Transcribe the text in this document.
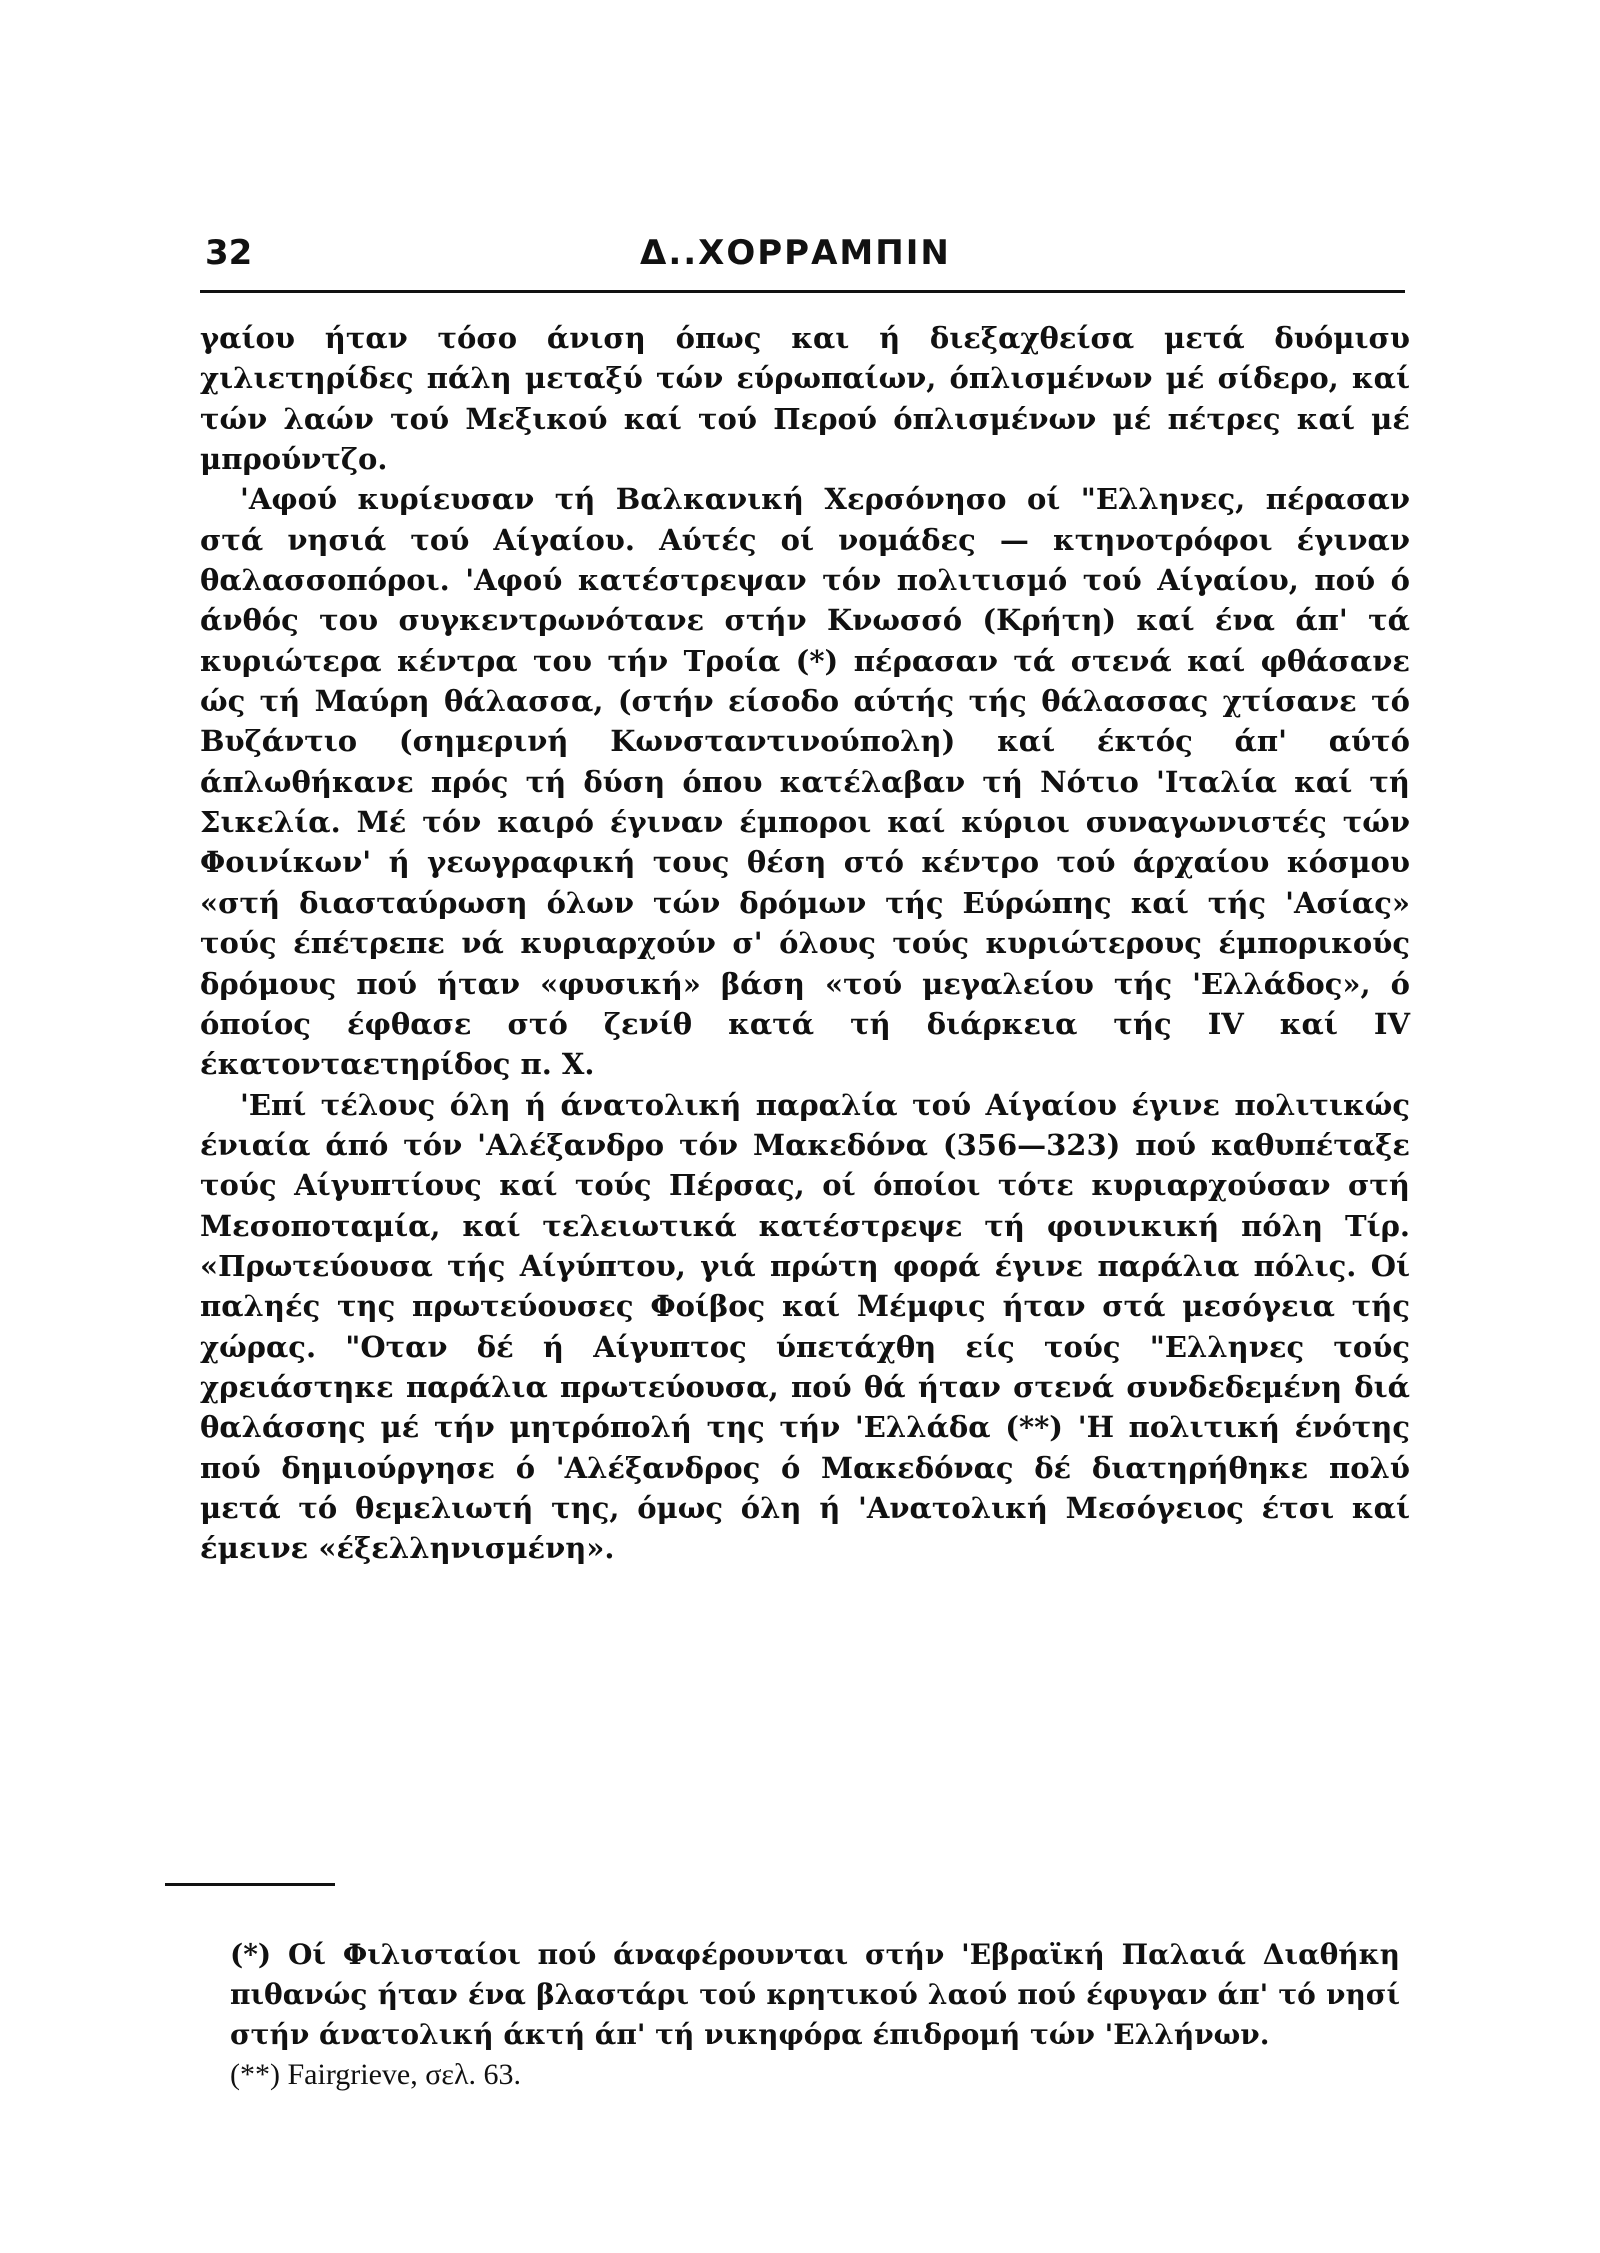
32	Δ..ΧΟΡΡΑΜΠΙΝ

γαίου ήταν τόσο άνιση όπως και ή διεξαχθείσα μετά δυόμισυ χιλιετηρίδες πάλη μεταξύ τών εύρωπαίων, όπλισμένων μέ σίδερο, καί τών λαών τού Μεξικού καί τού Περού όπλισμένων μέ πέτρες καί μέ μπρούντζο.

'Αφού κυρίευσαν τή Βαλκανική Χερσόνησο οί "Ελληνες, πέρασαν στά νησιά τού Αίγαίου. Αύτές οί νομάδες — κτηνοτρόφοι έγιναν θαλασσοπόροι. 'Αφού κατέστρεψαν τόν πολιτισμό τού Αίγαίου, πού ό άνθός του συγκεντρωνότανε στήν Κνωσσό (Κρήτη) καί ένα άπ' τά κυριώτερα κέντρα του τήν Τροία (*) πέρασαν τά στενά καί φθάσανε ώς τή Μαύρη θάλασσα, (στήν είσοδο αύτής τής θάλασσας χτίσανε τό Βυζάντιο (σημερινή Κωνσταντινούπολη) καί έκτός άπ' αύτό άπλωθήκανε πρός τή δύση όπου κατέλαβαν τή Νότιο 'Ιταλία καί τή Σικελία. Μέ τόν καιρό έγιναν έμποροι καί κύριοι συναγωνιστές τών Φοινίκων' ή γεωγραφική τους θέση στό κέντρο τού άρχαίου κόσμου «στή διασταύρωση όλων τών δρόμων τής Εύρώπης καί τής 'Ασίας» τούς έπέτρεπε νά κυριαρχούν σ' όλους τούς κυριώτερους έμπορικούς δρόμους πού ήταν «φυσική» βάση «τού μεγαλείου τής 'Ελλάδος», ό όποίος έφθασε στό ζενίθ κατά τή διάρκεια τής ΙV καί ΙV έκατονταετηρίδος π. Χ.

'Επί τέλους όλη ή άνατολική παραλία τού Αίγαίου έγινε πολιτικώς ένιαία άπό τόν 'Αλέξανδρο τόν Μακεδόνα (356—323) πού καθυπέταξε τούς Αίγυπτίους καί τούς Πέρσας, οί όποίοι τότε κυριαρχούσαν στή Μεσοποταμία, καί τελειωτικά κατέστρεψε τή φοινικική πόλη Τίρ. «Πρωτεύουσα τής Αίγύπτου, γιά πρώτη φορά έγινε παράλια πόλις. Οί παληές της πρωτεύουσες Φοίβος καί Μέμφις ήταν στά μεσόγεια τής χώρας. "Οταν δέ ή Αίγυπτος ύπετάχθη είς τούς "Ελληνες τούς χρειάστηκε παράλια πρωτεύουσα, πού θά ήταν στενά συνδεδεμένη διά θαλάσσης μέ τήν μητρόπολή της τήν 'Ελλάδα (**) 'Η πολιτική ένότης πού δημιούργησε ό 'Αλέξανδρος ό Μακεδόνας δέ διατηρήθηκε πολύ μετά τό θεμελιωτή της, όμως όλη ή 'Ανατολική Μεσόγειος έτσι καί έμεινε «έξελληνισμένη».

(*) Οί Φιλισταίοι πού άναφέρουνται στήν 'Εβραϊκή Παλαιά Διαθήκη πιθανώς ήταν ένα βλαστάρι τού κρητικού λαού πού έφυγαν άπ' τό νησί στήν άνατολική άκτή άπ' τή νικηφόρα έπιδρομή τών 'Ελλήνων.

(**) Fairgrieve, σελ. 63.
